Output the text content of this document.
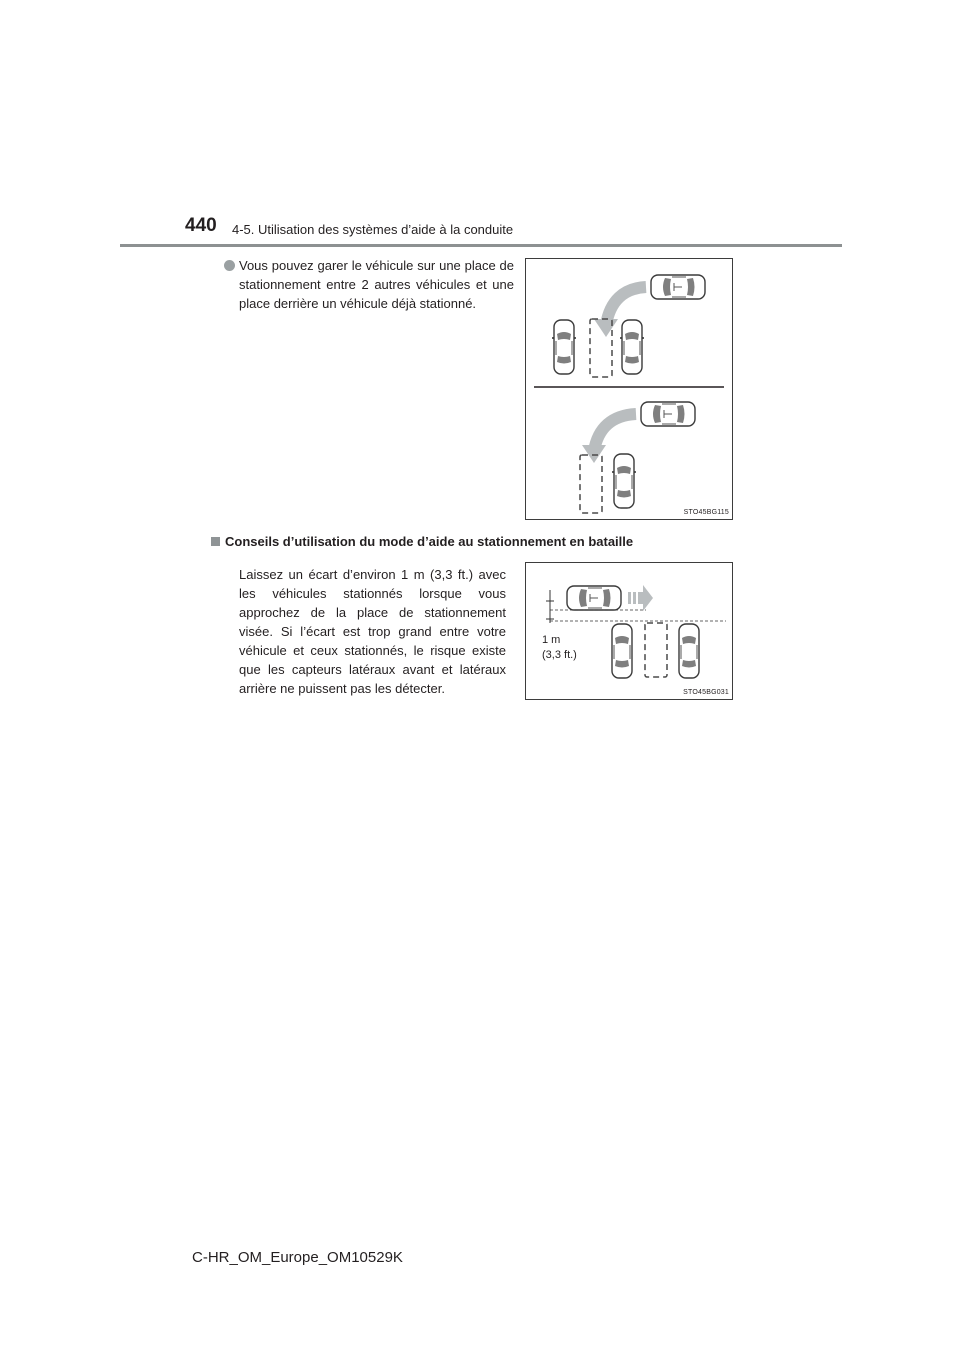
440 4-5. Utilisation des systèmes d’aide à la conduite
Vous pouvez garer le véhicule sur une place de stationnement entre 2 autres véhicules et une place derrière un véhicule déjà stationné.
STO45BG115
Conseils d’utilisation du mode d’aide au stationnement en bataille
Laissez un écart d’environ 1 m (3,3 ft.) avec les véhicules stationnés lorsque vous approchez de la place de stationnement visée. Si l’écart est trop grand entre votre véhicule et ceux stationnés, le risque existe que les capteurs latéraux avant et latéraux arrière ne puissent pas les détecter.
1 m
(3,3 ft.)
STO45BG031
C-HR_OM_Europe_OM10529K
